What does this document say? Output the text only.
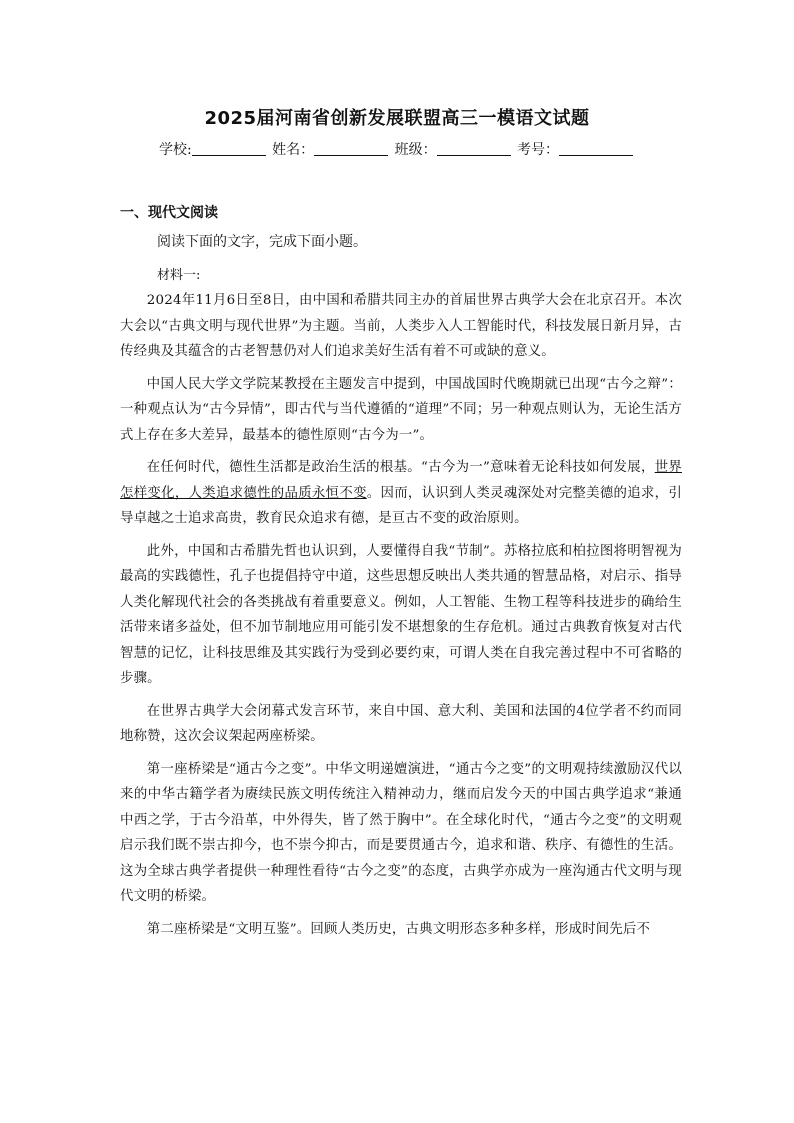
2025届河南省创新发展联盟高三一模语文试题
学校:	姓名：	班级：	考号：
一、现代文阅读
阅读下面的文字，完成下面小题。
材料一:

2024年11月6日至8日，由中国和希腊共同主办的首届世界古典学大会在北京召开。本次大会以“古典文明与现代世界”为主题。当前，人类步入人工智能时代，科技发展日新月异，古传经典及其蕴含的古老智慧仍对人们追求美好生活有着不可或缺的意义。

中国人民大学文学院某教授在主题发言中提到，中国战国时代晚期就已出现“古今之辩”：一种观点认为“古今异情”，即古代与当代遵循的“道理”不同；另一种观点则认为，无论生活方式上存在多大差异，最基本的德性原则“古今为一”。

在任何时代，德性生活都是政治生活的根基。“古今为一”意味着无论科技如何发展，世界怎样变化，人类追求德性的品质永恒不变。因而，认识到人类灵魂深处对完整美德的追求，引导卓越之士追求高贵，教育民众追求有德，是亘古不变的政治原则。

此外，中国和古希腊先哲也认识到，人要懂得自我“节制”。苏格拉底和柏拉图将明智视为最高的实践德性，孔子也提倡持守中道，这些思想反映出人类共通的智慧品格，对启示、指导人类化解现代社会的各类挑战有着重要意义。例如，人工智能、生物工程等科技进步的确给生活带来诸多益处，但不加节制地应用可能引发不堪想象的生存危机。通过古典教育恢复对古代智慧的记忆，让科技思维及其实践行为受到必要约束，可谓人类在自我完善过程中不可省略的步骤。

在世界古典学大会闭幕式发言环节，来自中国、意大利、美国和法国的4位学者不约而同地称赞，这次会议架起两座桥梁。

第一座桥梁是“通古今之变”。中华文明递嬗演进，“通古今之变”的文明观持续激励汉代以来的中华古籍学者为赓续民族文明传统注入精神动力，继而启发今天的中国古典学追求“兼通中西之学，于古今沿革，中外得失，皆了然于胸中”。在全球化时代，“通古今之变”的文明观启示我们既不崇古抑今，也不崇今抑古，而是要贯通古今，追求和谐、秩序、有德性的生活。这为全球古典学者提供一种理性看待“古今之变”的态度，古典学亦成为一座沟通古代文明与现代文明的桥梁。

第二座桥梁是“文明互鉴”。回顾人类历史，古典文明形态多种多样，形成时间先后不
